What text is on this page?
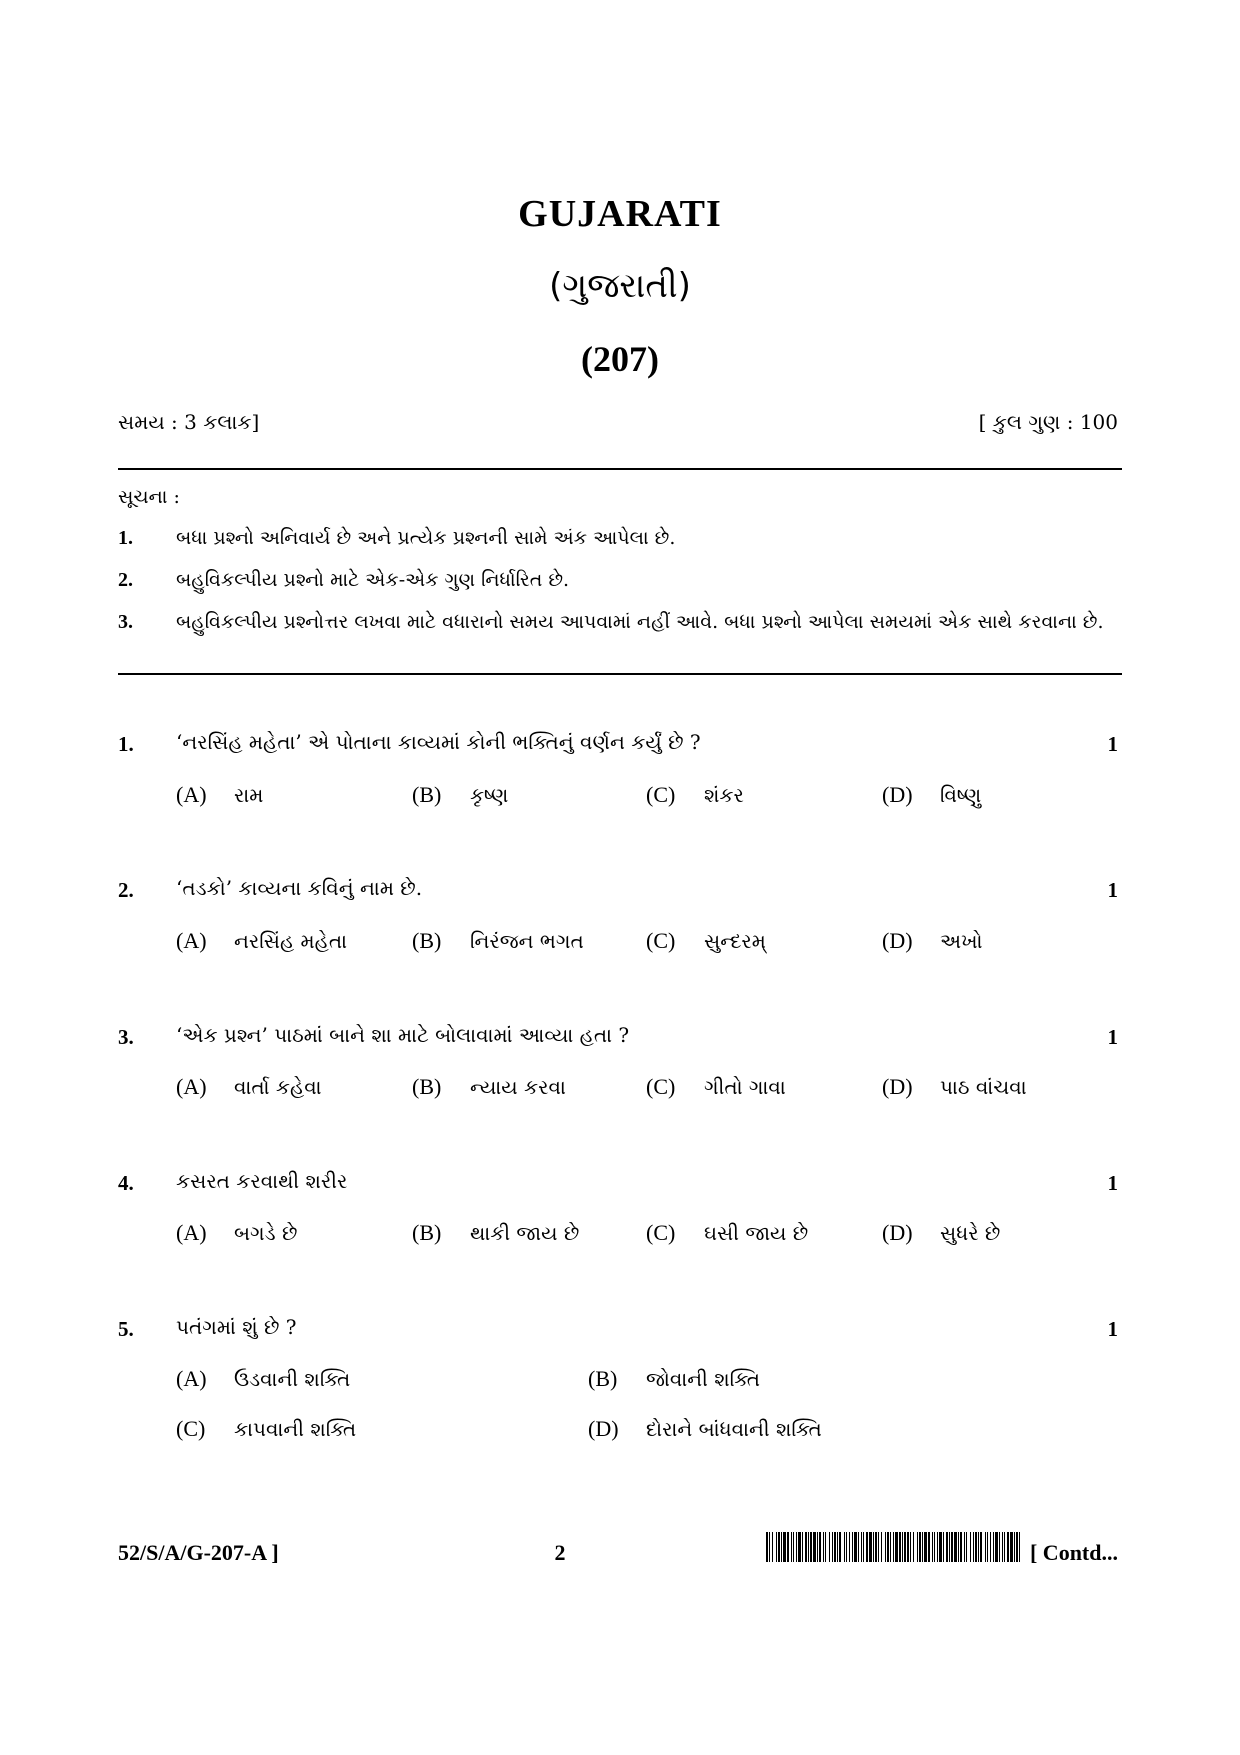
GUJARATI
(ગુજરાતી)
(207)
સમય : 3 કલાક]	[ કુલ ગુણ : 100
સૂચના :
1. બધા પ્રશ્નો અનિવાર્ય છે અને પ્રત્યેક પ્રશ્નની સામે અંક આપેલા છે.
2. બહુવિકલ્પીય પ્રશ્નો માટે એક-એક ગુણ નિર્ધારિત છે.
3. બહુવિકલ્પીય પ્રશ્નોત્તર લખવા માટે વધારાનો સમય આપવામાં નહીં આવે. બધા પ્રશ્નો આપેલા સમયમાં એક સાથે કરવાના છે.
1. ‘નરસિંહ મહેતા’ એ પોતાના કાવ્યમાં કોની ભક્તિનું વર્ણન કર્યું છે ?	1
(A) રામ	(B) કૃષ્ણ	(C) શંકર	(D) વિષ્ણુ
2. ‘તડકો’ કાવ્યના કવિનું નામ છે.	1
(A) નરસિંહ મહેતા	(B) નિરંજન ભગત	(C) સુન્દરમ્	(D) અખો
3. ‘એક પ્રશ્ન’ પાઠમાં બાને શા માટે બોલાવામાં આવ્યા હતા ?	1
(A) વાર્તા કહેવા	(B) ન્યાય કરવા	(C) ગીતો ગાવા	(D) પાઠ વાંચવા
4. કસરત કરવાથી શરીર	1
(A) બગડે છે	(B) થાકી જાય છે	(C) ઘસી જાય છે	(D) સુધરે છે
5. પતંગમાં શું છે ?	1
(A) ઉડવાની શક્તિ	(B) જોવાની શક્તિ
(C) કાપવાની શક્તિ	(D) દોરાને બાંધવાની શક્તિ
52/S/A/G-207-A ]	2	[ Contd...
